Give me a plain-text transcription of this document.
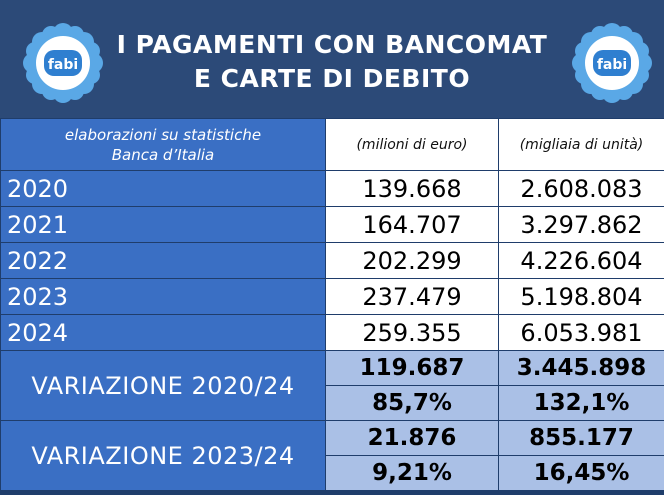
fabi
I PAGAMENTI CON BANCOMAT
E CARTE DI DEBITO	fabi
elaborazioni su statistiche
Banca d’Italia	(milioni di euro)	(migliaia di unità)
2020	139.668	2.608.083
2021	164.707	3.297.862
2022	202.299	4.226.604
2023	237.479	5.198.804
2024	259.355	6.053.981
VARIAZIONE 2020/24	119.687	3.445.898
	85,7%	132,1%
VARIAZIONE 2023/24	21.876	855.177
	9,21%	16,45%
